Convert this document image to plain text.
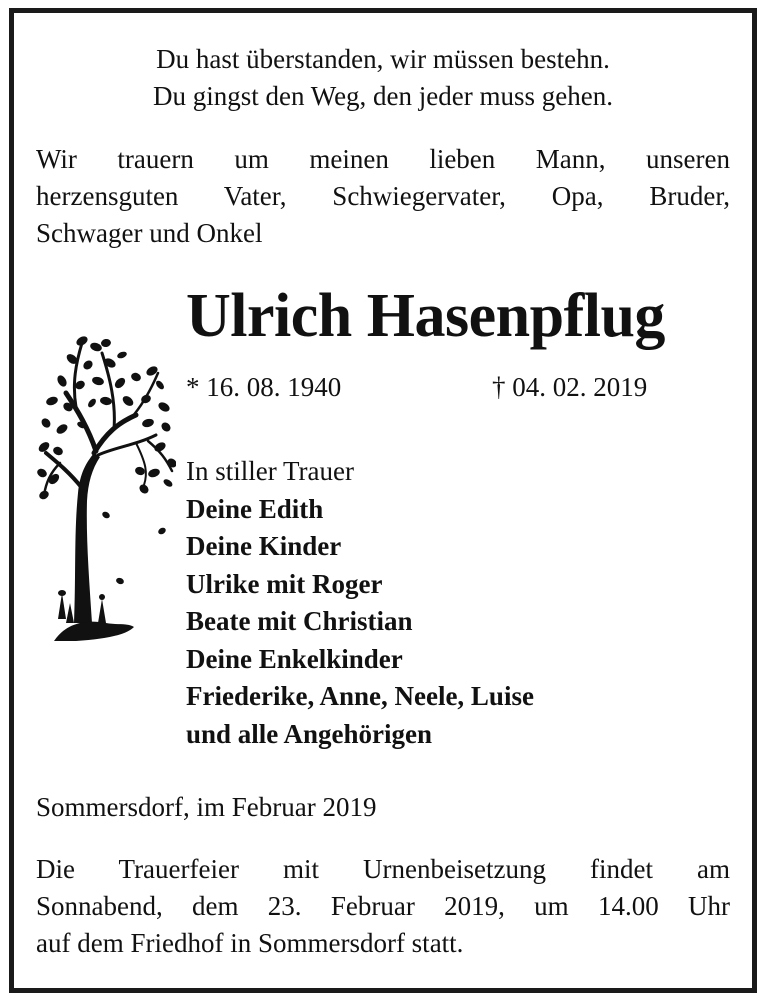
Du hast überstanden, wir müssen bestehn.
Du gingst den Weg, den jeder muss gehen.
Wir trauern um meinen lieben Mann, unseren
herzensguten Vater, Schwiegervater, Opa, Bruder,
Schwager und Onkel
Ulrich Hasenpflug
* 16. 08. 1940	† 04. 02. 2019
In stiller Trauer
Deine Edith
Deine Kinder
Ulrike mit Roger
Beate mit Christian
Deine Enkelkinder
Friederike, Anne, Neele, Luise
und alle Angehörigen
Sommersdorf, im Februar 2019
Die Trauerfeier mit Urnenbeisetzung findet am
Sonnabend, dem 23. Februar 2019, um 14.00 Uhr
auf dem Friedhof in Sommersdorf statt.
